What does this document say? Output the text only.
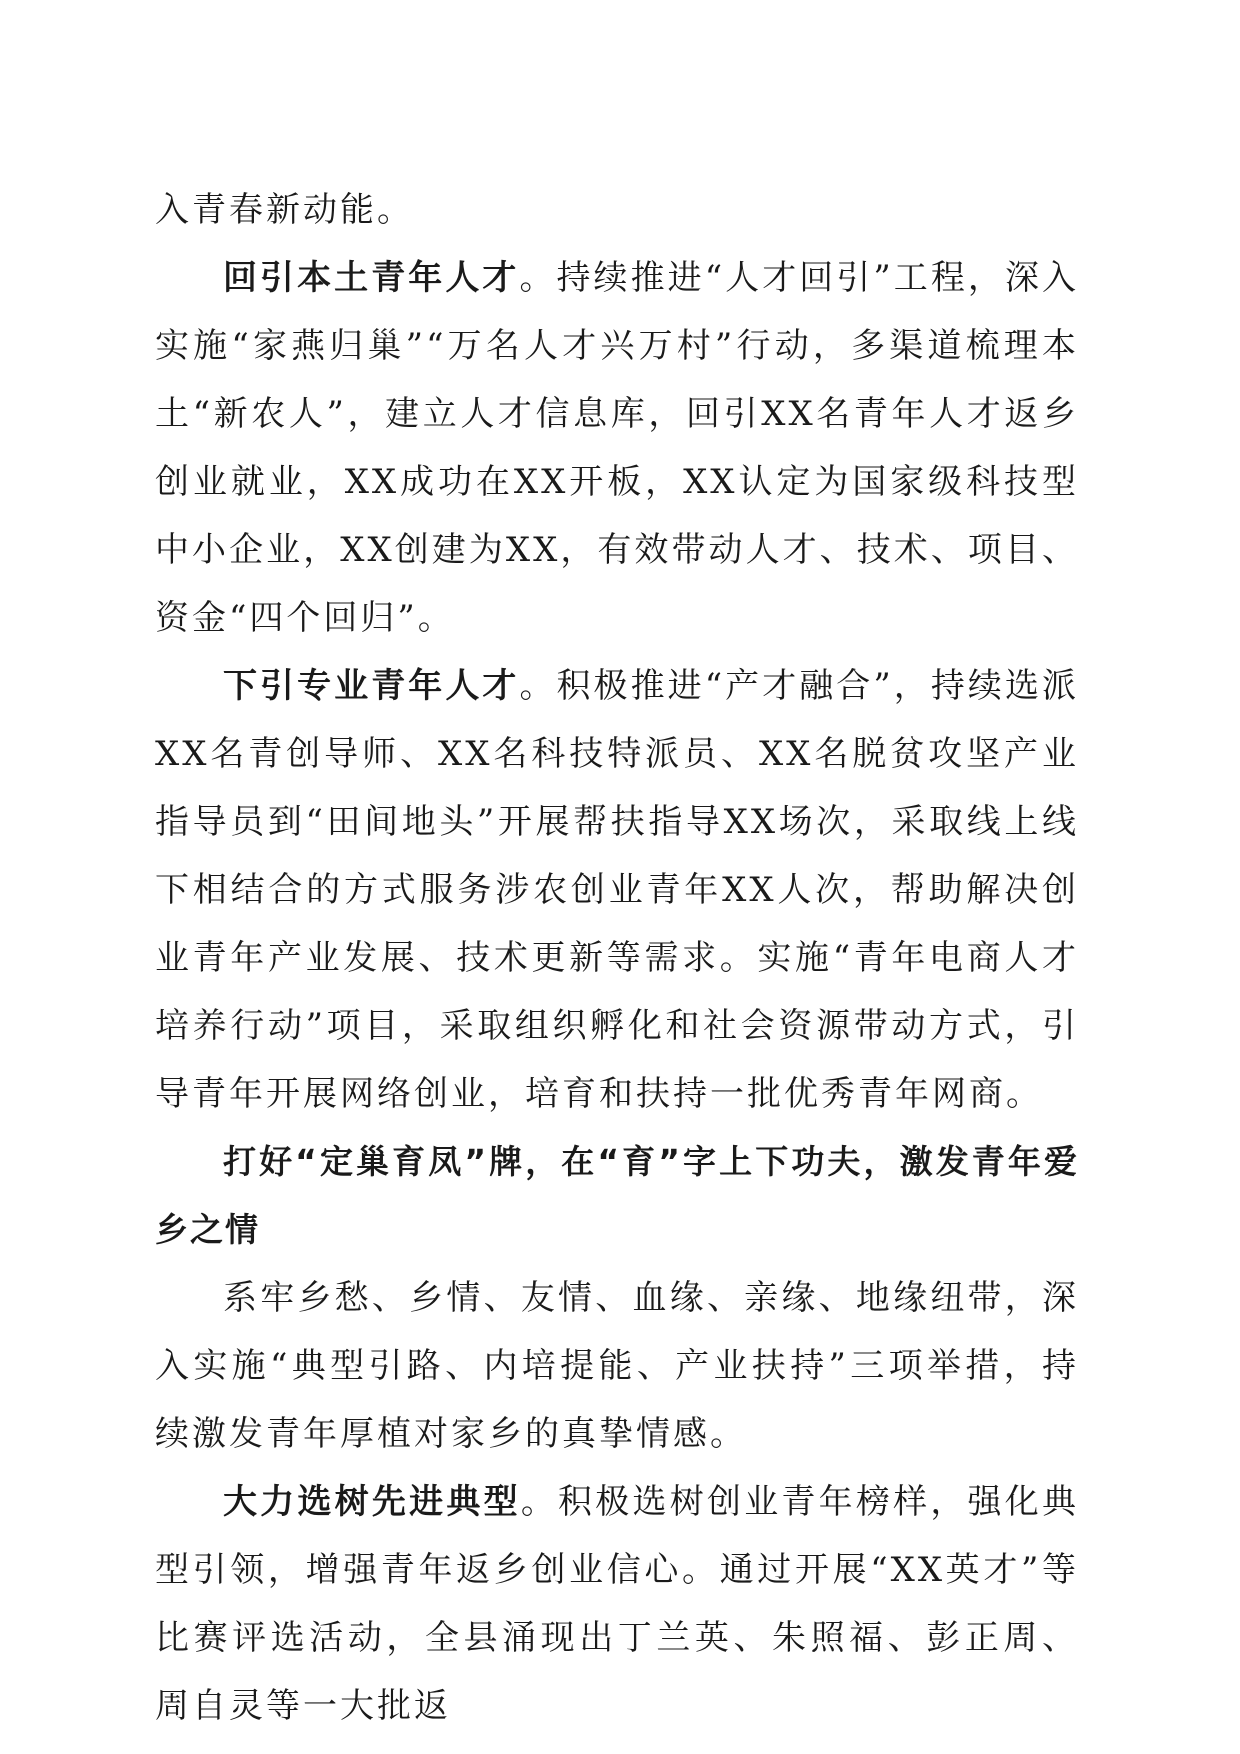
入青春新动能。

回引本土青年人才。持续推进“人才回引”工程，深入实施“家燕归巢”“万名人才兴万村”行动，多渠道梳理本土“新农人”，建立人才信息库，回引XX名青年人才返乡创业就业，XX成功在XX开板，XX认定为国家级科技型中小企业，XX创建为XX，有效带动人才、技术、项目、资金“四个回归”。

下引专业青年人才。积极推进“产才融合”，持续选派XX名青创导师、XX名科技特派员、XX名脱贫攻坚产业指导员到“田间地头”开展帮扶指导XX场次，采取线上线下相结合的方式服务涉农创业青年XX人次，帮助解决创业青年产业发展、技术更新等需求。实施“青年电商人才培养行动”项目，采取组织孵化和社会资源带动方式，引导青年开展网络创业，培育和扶持一批优秀青年网商。

打好“定巢育凤”牌，在“育”字上下功夫，激发青年爱乡之情

系牢乡愁、乡情、友情、血缘、亲缘、地缘纽带，深入实施“典型引路、内培提能、产业扶持”三项举措，持续激发青年厚植对家乡的真挚情感。

大力选树先进典型。积极选树创业青年榜样，强化典型引领，增强青年返乡创业信心。通过开展“XX英才”等比赛评选活动，全县涌现出丁兰英、朱照福、彭正周、周自灵等一大批返
